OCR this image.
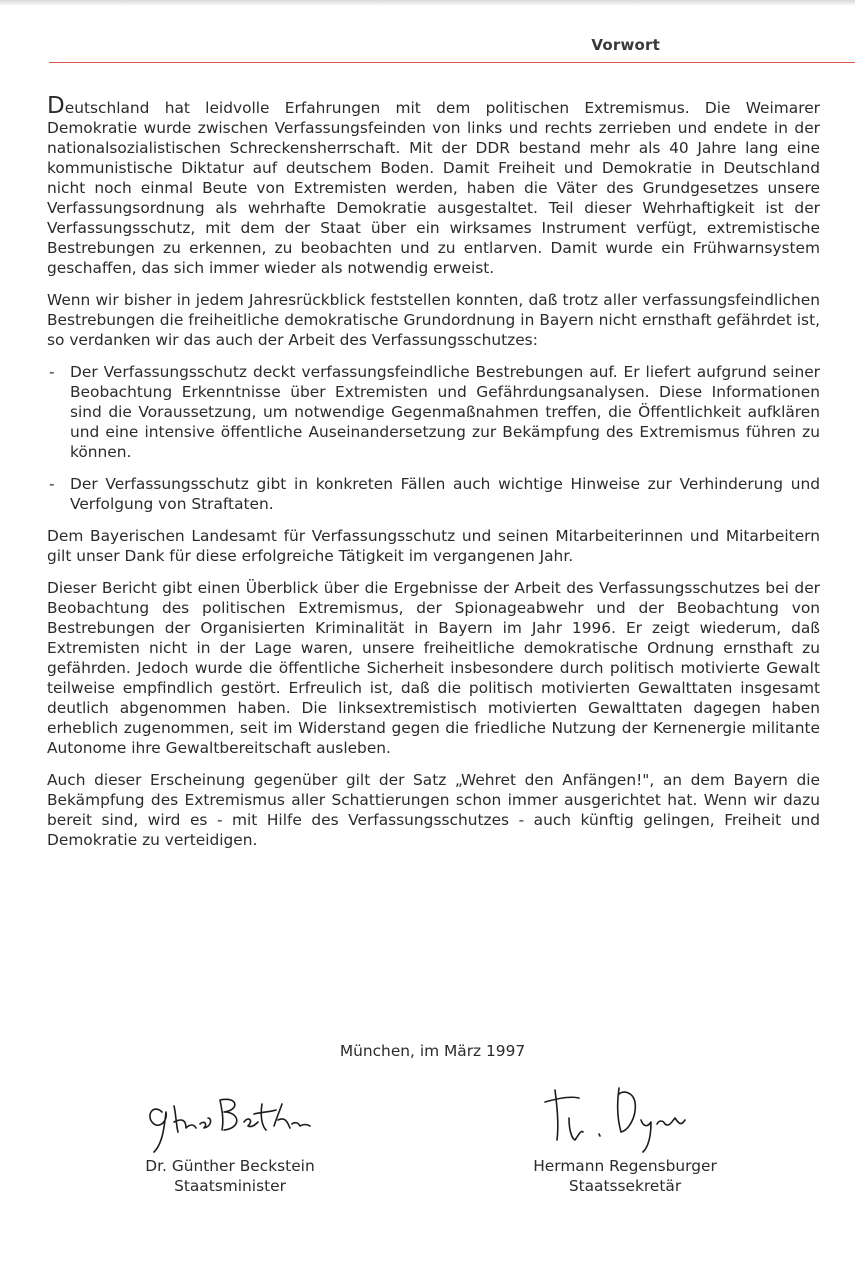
Vorwort

Deutschland hat leidvolle Erfahrungen mit dem politischen Extremismus. Die Weimarer Demokratie wurde zwischen Verfassungsfeinden von links und rechts zerrieben und endete in der nationalsozialistischen Schreckensherrschaft. Mit der DDR bestand mehr als 40 Jahre lang eine kommunistische Diktatur auf deutschem Boden. Damit Freiheit und Demokratie in Deutschland nicht noch einmal Beute von Extremisten werden, haben die Väter des Grundgesetzes unsere Verfassungsordnung als wehrhafte Demokratie ausgestaltet. Teil dieser Wehrhaftigkeit ist der Verfassungsschutz, mit dem der Staat über ein wirksames Instrument verfügt, extremistische Bestrebungen zu erkennen, zu beobachten und zu entlarven. Damit wurde ein Frühwarnsystem geschaffen, das sich immer wieder als notwendig erweist.

Wenn wir bisher in jedem Jahresrückblick feststellen konnten, daß trotz aller verfassungsfeindlichen Bestrebungen die freiheitliche demokratische Grundordnung in Bayern nicht ernsthaft gefährdet ist, so verdanken wir das auch der Arbeit des Verfassungsschutzes:

- Der Verfassungsschutz deckt verfassungsfeindliche Bestrebungen auf. Er liefert aufgrund seiner Beobachtung Erkenntnisse über Extremisten und Gefährdungsanalysen. Diese Informationen sind die Voraussetzung, um notwendige Gegenmaßnahmen treffen, die Öffentlichkeit aufklären und eine intensive öffentliche Auseinandersetzung zur Bekämpfung des Extremismus führen zu können.
- Der Verfassungsschutz gibt in konkreten Fällen auch wichtige Hinweise zur Verhinderung und Verfolgung von Straftaten.

Dem Bayerischen Landesamt für Verfassungsschutz und seinen Mitarbeiterinnen und Mitarbeitern gilt unser Dank für diese erfolgreiche Tätigkeit im vergangenen Jahr.

Dieser Bericht gibt einen Überblick über die Ergebnisse der Arbeit des Verfassungsschutzes bei der Beobachtung des politischen Extremismus, der Spionageabwehr und der Beobachtung von Bestrebungen der Organisierten Kriminalität in Bayern im Jahr 1996. Er zeigt wiederum, daß Extremisten nicht in der Lage waren, unsere freiheitliche demokratische Ordnung ernsthaft zu gefährden. Jedoch wurde die öffentliche Sicherheit insbesondere durch politisch motivierte Gewalt teilweise empfindlich gestört. Erfreulich ist, daß die politisch motivierten Gewalttaten insgesamt deutlich abgenommen haben. Die linksextremistisch motivierten Gewalttaten dagegen haben erheblich zugenommen, seit im Widerstand gegen die friedliche Nutzung der Kernenergie militante Autonome ihre Gewaltbereitschaft ausleben.

Auch dieser Erscheinung gegenüber gilt der Satz „Wehret den Anfängen!", an dem Bayern die Bekämpfung des Extremismus aller Schattierungen schon immer ausgerichtet hat. Wenn wir dazu bereit sind, wird es - mit Hilfe des Verfassungsschutzes - auch künftig gelingen, Freiheit und Demokratie zu verteidigen.

München, im März 1997
Dr. Günther Beckstein
Staatsminister
Hermann Regensburger
Staatssekretär
